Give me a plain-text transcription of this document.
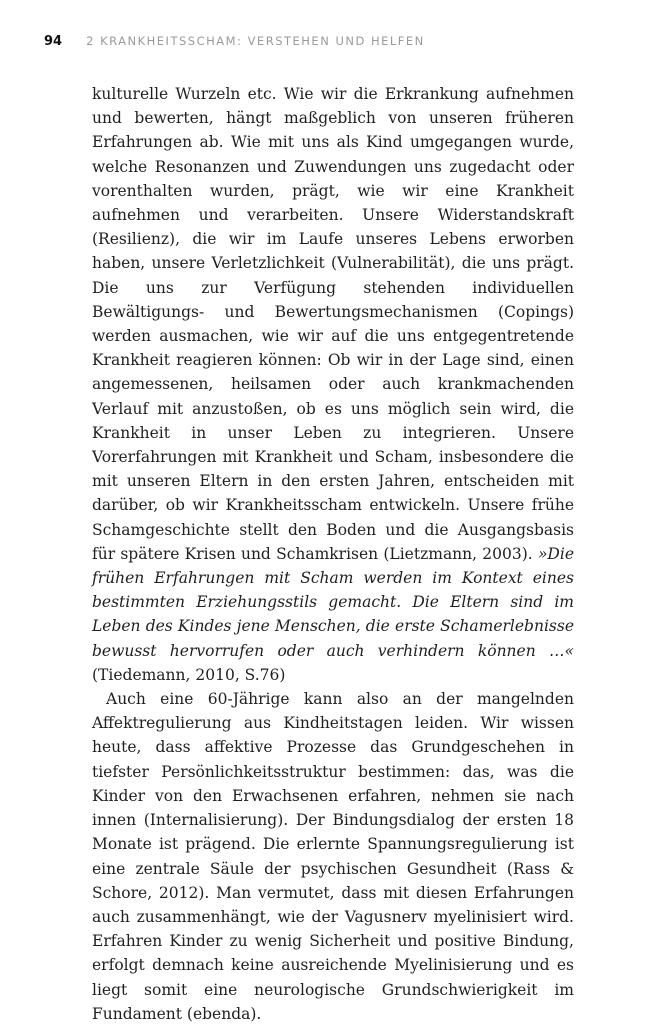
94 2 KRANKHEITSSCHAM: VERSTEHEN UND HELFEN

kulturelle Wurzeln etc. Wie wir die Erkrankung aufnehmen und bewerten, hängt maßgeblich von unseren früheren Erfahrungen ab. Wie mit uns als Kind umgegangen wurde, welche Resonanzen und Zuwendungen uns zugedacht oder vorenthalten wurden, prägt, wie wir eine Krankheit aufnehmen und verarbeiten. Unsere Widerstandskraft (Resilienz), die wir im Laufe unseres Lebens erworben haben, unsere Verletzlichkeit (Vulnerabilität), die uns prägt. Die uns zur Verfügung stehenden individuellen Bewältigungs- und Bewertungsmechanismen (Copings) werden ausmachen, wie wir auf die uns entgegentretende Krankheit reagieren können: Ob wir in der Lage sind, einen angemessenen, heilsamen oder auch krankmachenden Verlauf mit anzustoßen, ob es uns möglich sein wird, die Krankheit in unser Leben zu integrieren. Unsere Vorerfahrungen mit Krankheit und Scham, insbesondere die mit unseren Eltern in den ersten Jahren, entscheiden mit darüber, ob wir Krankheitsscham entwickeln. Unsere frühe Schamgeschichte stellt den Boden und die Ausgangsbasis für spätere Krisen und Schamkrisen (Lietzmann, 2003). »Die frühen Erfahrungen mit Scham werden im Kontext eines bestimmten Erziehungsstils gemacht. Die Eltern sind im Leben des Kindes jene Menschen, die erste Schamerlebnisse bewusst hervorrufen oder auch verhindern können …« (Tiedemann, 2010, S.76)

Auch eine 60-Jährige kann also an der mangelnden Affektregulierung aus Kindheitstagen leiden. Wir wissen heute, dass affektive Prozesse das Grundgeschehen in tiefster Persönlichkeitsstruktur bestimmen: das, was die Kinder von den Erwachsenen erfahren, nehmen sie nach innen (Internalisierung). Der Bindungsdialog der ersten 18 Monate ist prägend. Die erlernte Spannungsregulierung ist eine zentrale Säule der psychischen Gesundheit (Rass & Schore, 2012). Man vermutet, dass mit diesen Erfahrungen auch zusammenhängt, wie der Vagusnerv myelinisiert wird. Erfahren Kinder zu wenig Sicherheit und positive Bindung, erfolgt demnach keine ausreichende Myelinisierung und es liegt somit eine neurologische Grundschwierigkeit im Fundament (ebenda).
